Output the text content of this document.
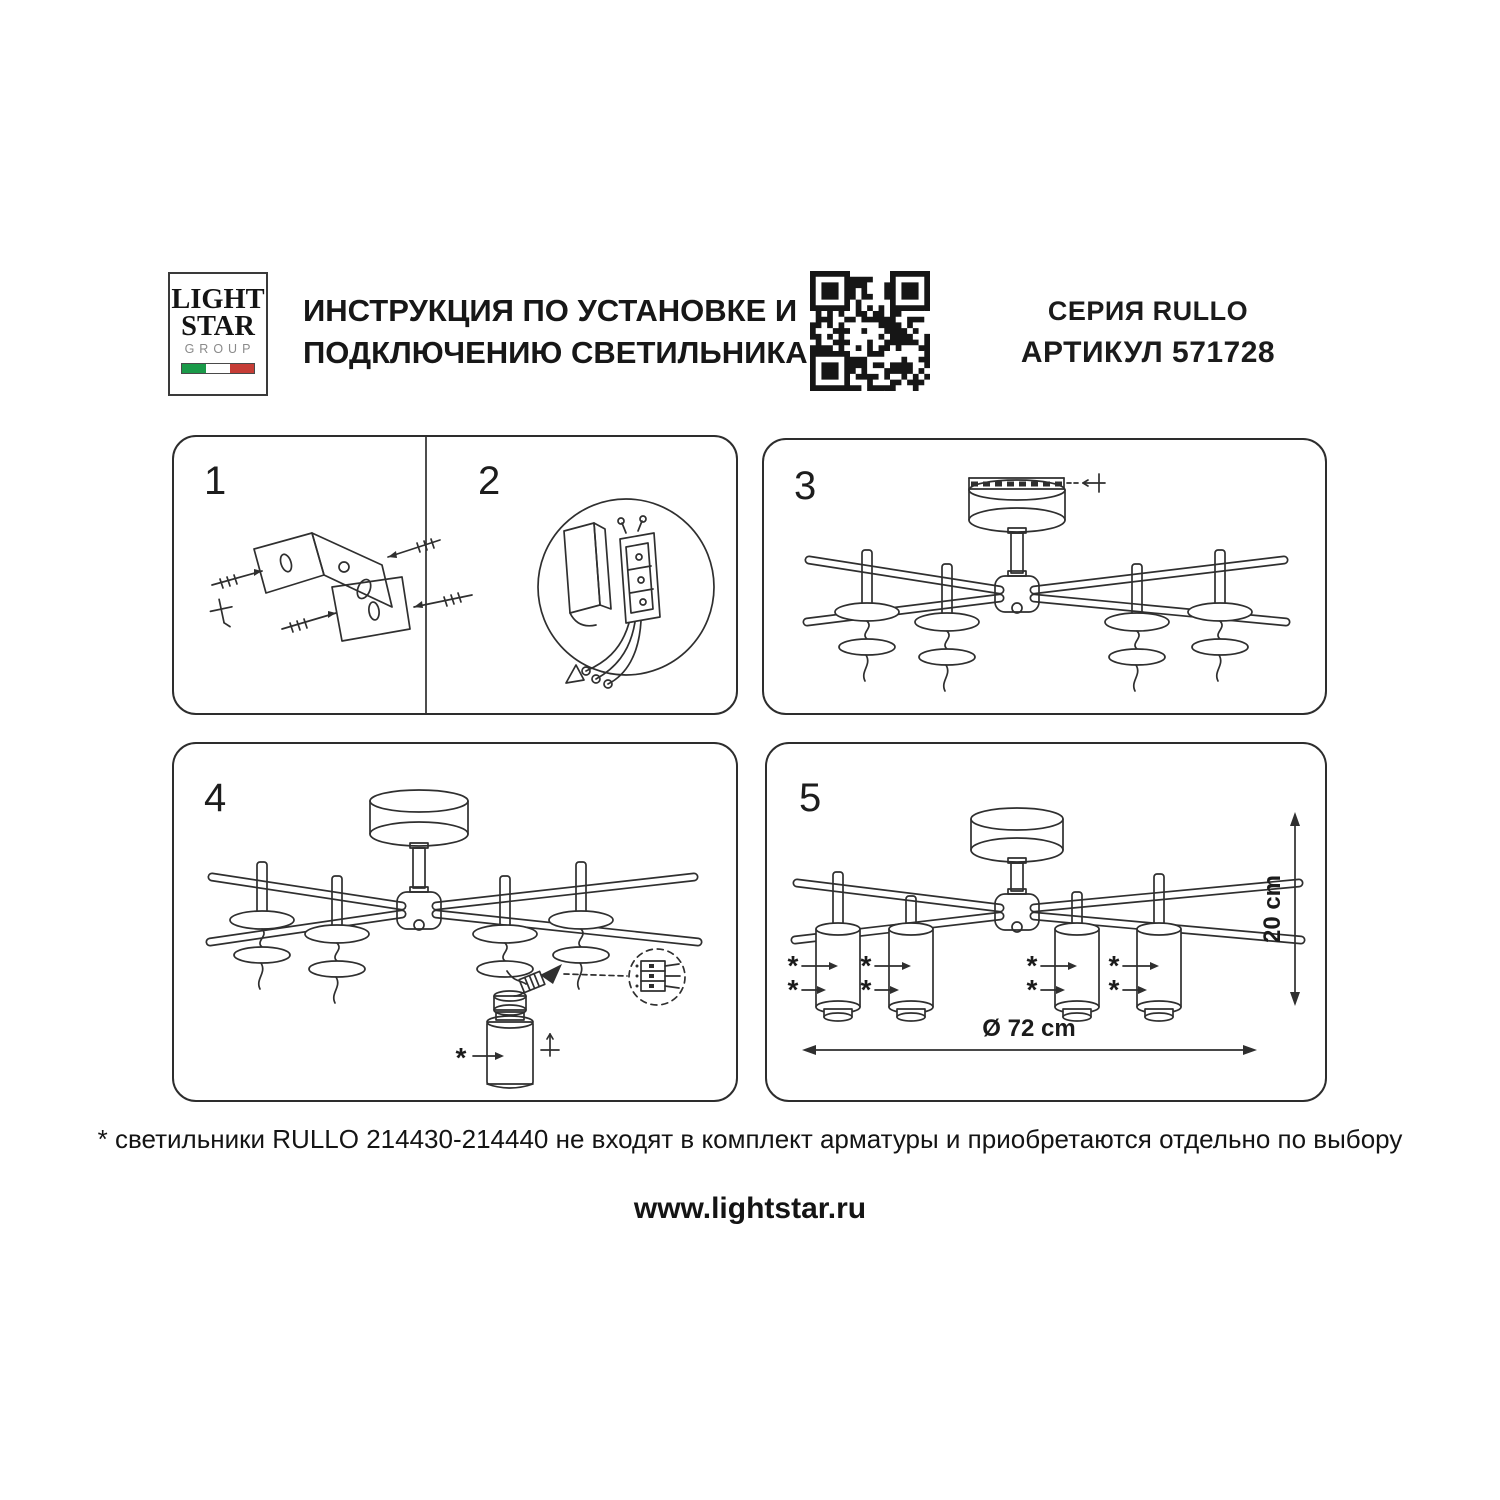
LIGHT
STAR
GROUP
ИНСТРУКЦИЯ ПО УСТАНОВКЕ И
ПОДКЛЮЧЕНИЮ СВЕТИЛЬНИКА
СЕРИЯ RULLO
АРТИКУЛ 571728
1	2	3
4
*
5
*
*
*
*
*
*
*
*
20 cm
Ø 72 cm
* светильники RULLO 214430-214440 не входят в комплект арматуры и приобретаются отдельно по выбору
www.lightstar.ru
